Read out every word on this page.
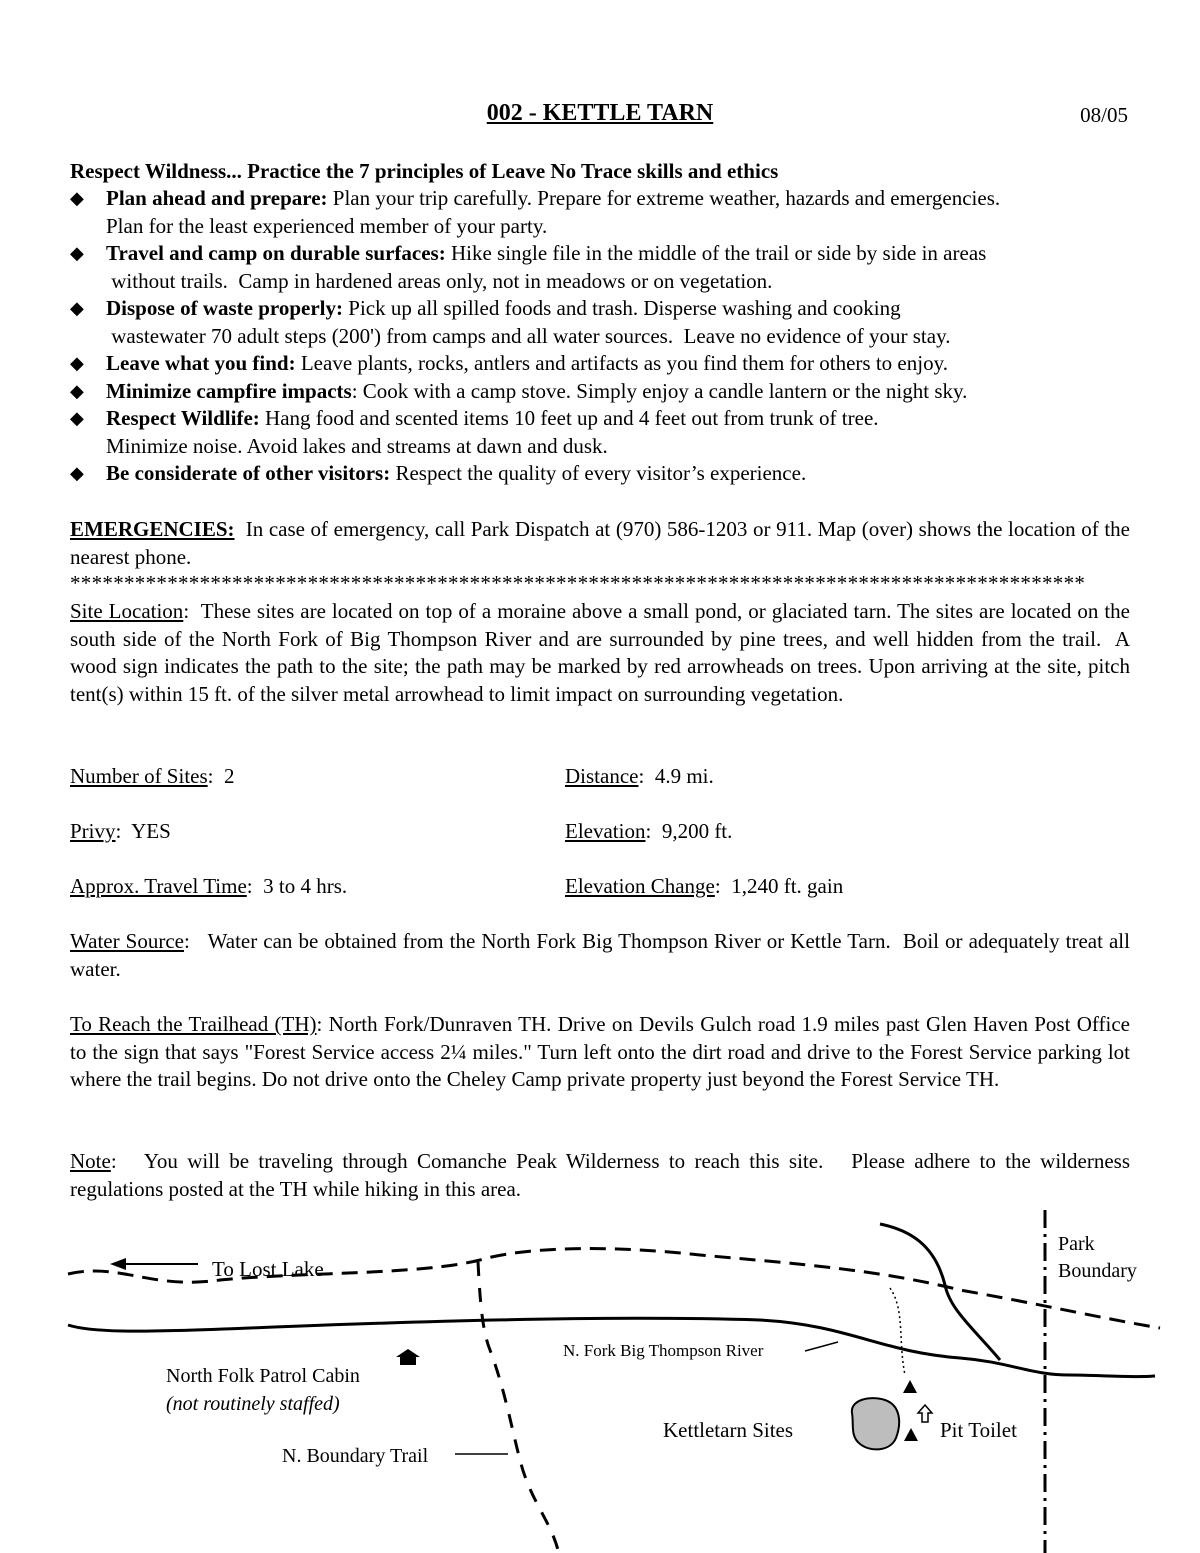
002 - KETTLE TARN	08/05
Respect Wildness... Practice the 7 principles of Leave No Trace skills and ethics
◆ Plan ahead and prepare: Plan your trip carefully. Prepare for extreme weather, hazards and emergencies.
Plan for the least experienced member of your party.
◆ Travel and camp on durable surfaces: Hike single file in the middle of the trail or side by side in areas
without trails.  Camp in hardened areas only, not in meadows or on vegetation.
◆ Dispose of waste properly: Pick up all spilled foods and trash. Disperse washing and cooking
wastewater 70 adult steps (200') from camps and all water sources.  Leave no evidence of your stay.
◆ Leave what you find: Leave plants, rocks, antlers and artifacts as you find them for others to enjoy.
◆ Minimize campfire impacts: Cook with a camp stove. Simply enjoy a candle lantern or the night sky.
◆ Respect Wildlife: Hang food and scented items 10 feet up and 4 feet out from trunk of tree.
Minimize noise. Avoid lakes and streams at dawn and dusk.
◆ Be considerate of other visitors: Respect the quality of every visitor’s experience.
EMERGENCIES:  In case of emergency, call Park Dispatch at (970) 586-1203 or 911. Map (over) shows the location of the nearest phone.
**********************************************************************************************
Site Location:  These sites are located on top of a moraine above a small pond, or glaciated tarn. The sites are located on the south side of the North Fork of Big Thompson River and are surrounded by pine trees, and well hidden from the trail.  A wood sign indicates the path to the site; the path may be marked by red arrowheads on trees. Upon arriving at the site, pitch tent(s) within 15 ft. of the silver metal arrowhead to limit impact on surrounding vegetation.
Number of Sites:  2	Distance:  4.9 mi.
Privy:  YES	Elevation:  9,200 ft.
Approx. Travel Time:  3 to 4 hrs.	Elevation Change:  1,240 ft. gain
Water Source:   Water can be obtained from the North Fork Big Thompson River or Kettle Tarn.  Boil or adequately treat all water.
To Reach the Trailhead (TH): North Fork/Dunraven TH. Drive on Devils Gulch road 1.9 miles past Glen Haven Post Office to the sign that says "Forest Service access 2¼ miles." Turn left onto the dirt road and drive to the Forest Service parking lot where the trail begins. Do not drive onto the Cheley Camp private property just beyond the Forest Service TH.
Note:   You will be traveling through Comanche Peak Wilderness to reach this site.   Please adhere to the wilderness regulations posted at the TH while hiking in this area.
To Lost Lake
Park
Boundary
N. Fork Big Thompson River
North Folk Patrol Cabin
(not routinely staffed)
N. Boundary Trail
Kettletarn Sites	Pit Toilet
